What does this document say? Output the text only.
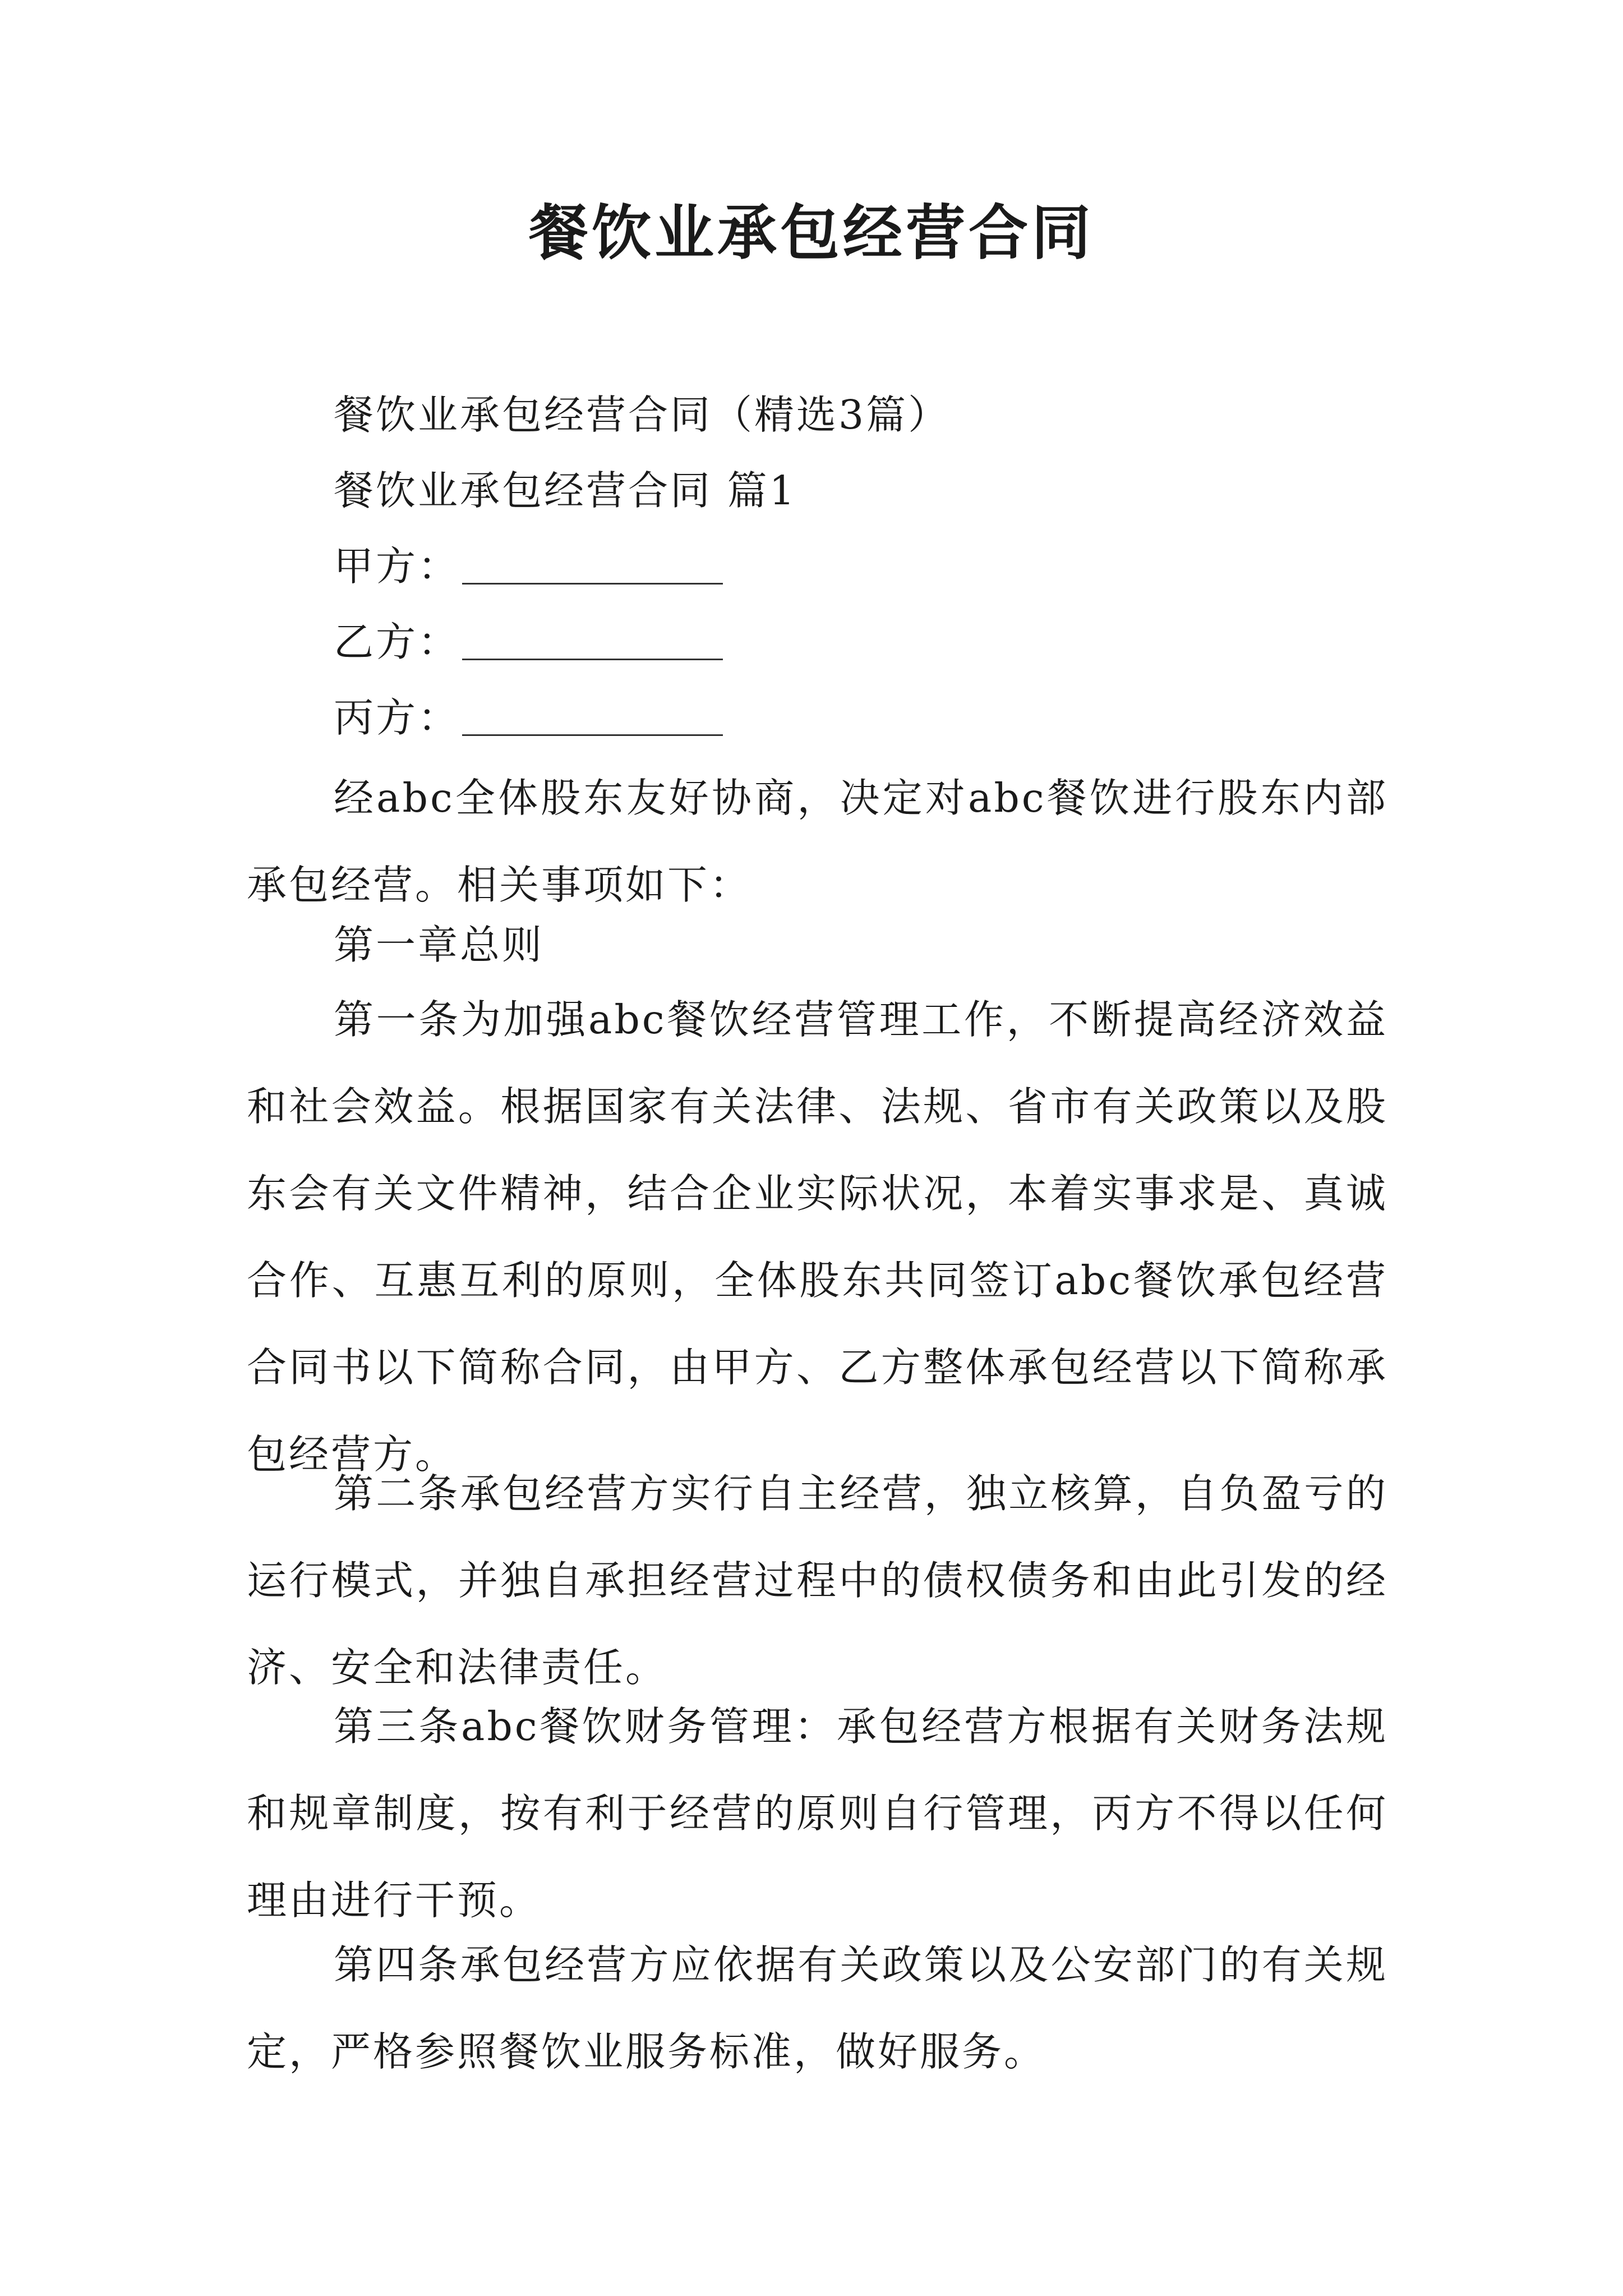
餐饮业承包经营合同
餐饮业承包经营合同（精选3篇）
餐饮业承包经营合同 篇1
甲方：
乙方：
丙方：

经abc全体股东友好协商，决定对abc餐饮进行股东内部承包经营。相关事项如下：

第一章总则

第一条为加强abc餐饮经营管理工作，不断提高经济效益和社会效益。根据国家有关法律、法规、省市有关政策以及股东会有关文件精神，结合企业实际状况，本着实事求是、真诚合作、互惠互利的原则，全体股东共同签订abc餐饮承包经营合同书以下简称合同，由甲方、乙方整体承包经营以下简称承包经营方。

第二条承包经营方实行自主经营，独立核算，自负盈亏的运行模式，并独自承担经营过程中的债权债务和由此引发的经济、安全和法律责任。

第三条abc餐饮财务管理：承包经营方根据有关财务法规和规章制度，按有利于经营的原则自行管理，丙方不得以任何理由进行干预。

第四条承包经营方应依据有关政策以及公安部门的有关规定，严格参照餐饮业服务标准，做好服务。
